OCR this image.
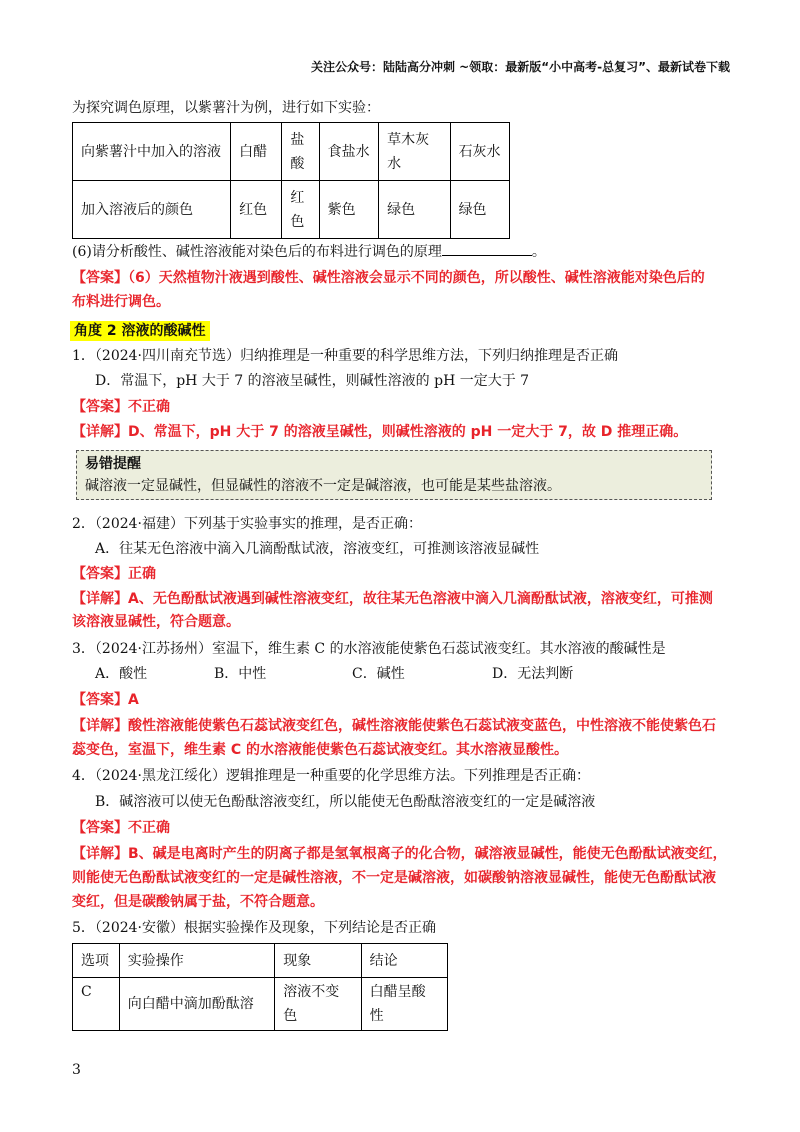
关注公众号：陆陆高分冲刺 ~领取：最新版“小中高考-总复习”、最新试卷下载
为探究调色原理，以紫薯汁为例，进行如下实验：
向紫薯汁中加入的溶液	白醋	盐酸	食盐水	草木灰水	石灰水
加入溶液后的颜色	红色	红色	紫色	绿色	绿色
(6)请分析酸性、碱性溶液能对染色后的布料进行调色的原理	。
【答案】（6）天然植物汁液遇到酸性、碱性溶液会显示不同的颜色，所以酸性、碱性溶液能对染色后的
布料进行调色。
角度 2 溶液的酸碱性
1．（2024·四川南充节选）归纳推理是一种重要的科学思维方法，下列归纳推理是否正确
D．常温下，pH 大于 7 的溶液呈碱性，则碱性溶液的 pH 一定大于 7
【答案】不正确
【详解】D、常温下，pH 大于 7 的溶液呈碱性，则碱性溶液的 pH 一定大于 7，故 D 推理正确。
易错提醒
碱溶液一定显碱性，但显碱性的溶液不一定是碱溶液，也可能是某些盐溶液。
2．（2024·福建）下列基于实验事实的推理，是否正确：
A．往某无色溶液中滴入几滴酚酞试液，溶液变红，可推测该溶液显碱性
【答案】正确
【详解】A、无色酚酞试液遇到碱性溶液变红，故往某无色溶液中滴入几滴酚酞试液，溶液变红，可推测
该溶液显碱性，符合题意。
3．（2024·江苏扬州）室温下，维生素 C 的水溶液能使紫色石蕊试液变红。其水溶液的酸碱性是
A．酸性	B．中性	C．碱性	D．无法判断
【答案】A
【详解】酸性溶液能使紫色石蕊试液变红色，碱性溶液能使紫色石蕊试液变蓝色，中性溶液不能使紫色石
蕊变色，室温下，维生素 C 的水溶液能使紫色石蕊试液变红。其水溶液显酸性。
4．（2024·黑龙江绥化）逻辑推理是一种重要的化学思维方法。下列推理是否正确：
B．碱溶液可以使无色酚酞溶液变红，所以能使无色酚酞溶液变红的一定是碱溶液
【答案】不正确
【详解】B、碱是电离时产生的阴离子都是氢氧根离子的化合物，碱溶液显碱性，能使无色酚酞试液变红，
则能使无色酚酞试液变红的一定是碱性溶液，不一定是碱溶液，如碳酸钠溶液显碱性，能使无色酚酞试液
变红，但是碳酸钠属于盐，不符合题意。
5．（2024·安徽）根据实验操作及现象，下列结论是否正确
选项	实验操作	现象	结论
C	向白醋中滴加酚酞溶	溶液不变色	白醋呈酸性
3
